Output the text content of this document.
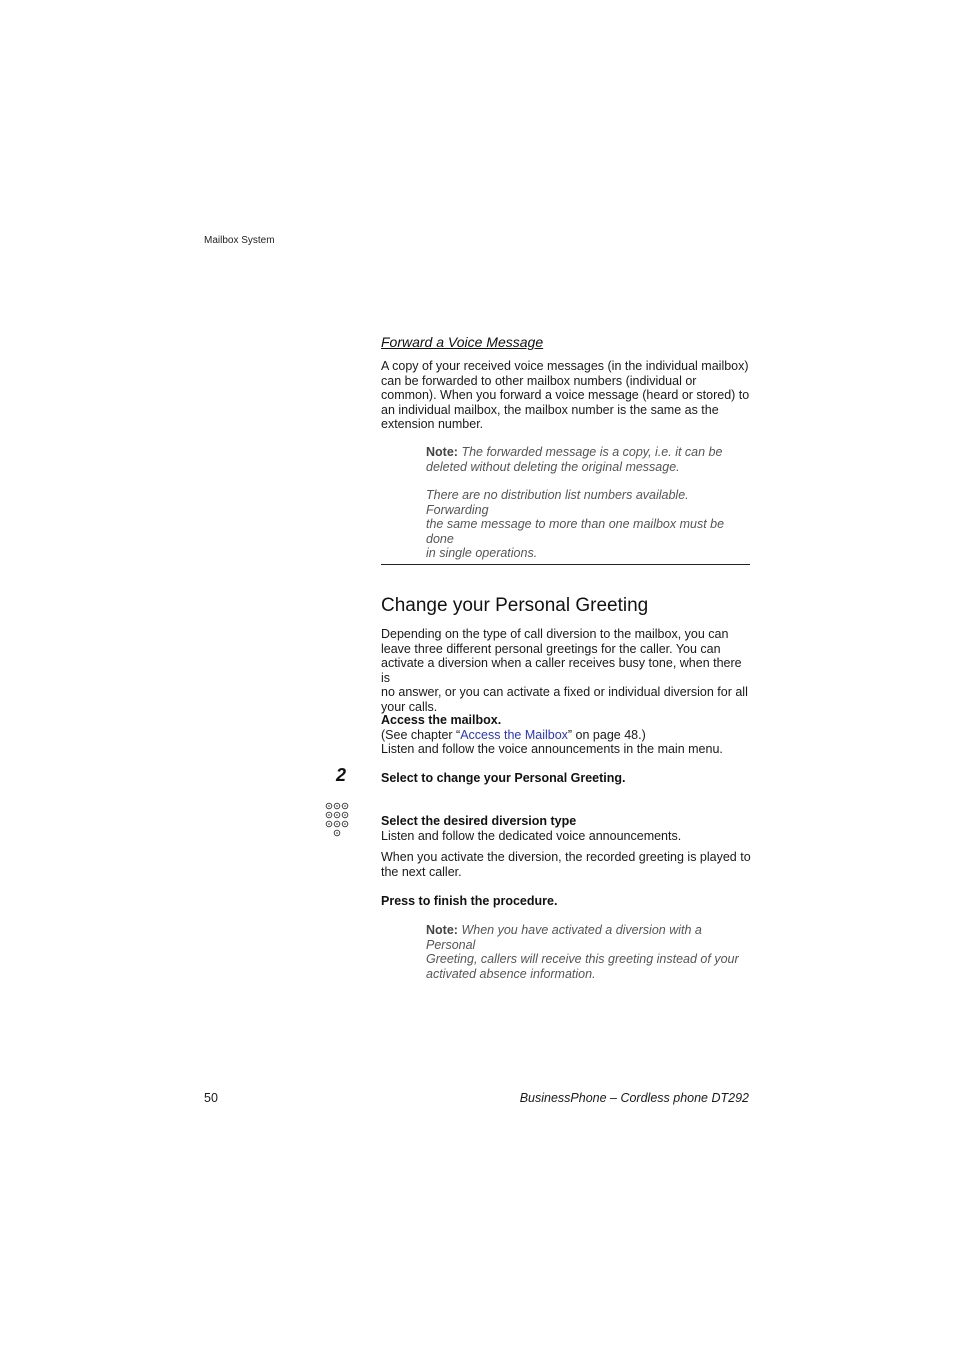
Mailbox System
Forward a Voice Message
A copy of your received voice messages (in the individual mailbox)
can be forwarded to other mailbox numbers (individual or
common). When you forward a voice message (heard or stored) to
an individual mailbox, the mailbox number is the same as the
extension number.
Note: The forwarded message is a copy, i.e. it can be
deleted without deleting the original message.
There are no distribution list numbers available. Forwarding
the same message to more than one mailbox must be done
in single operations.
Change your Personal Greeting
Depending on the type of call diversion to the mailbox, you can
leave three different personal greetings for the caller. You can
activate a diversion when a caller receives busy tone, when there is
no answer, or you can activate a fixed or individual diversion for all
your calls.
Access the mailbox.
(See chapter “Access the Mailbox” on page 48.)
Listen and follow the voice announcements in the main menu.
2	Select to change your Personal Greeting.
Select the desired diversion type
Listen and follow the dedicated voice announcements.
When you activate the diversion, the recorded greeting is played to
the next caller.
Press to finish the procedure.
Note: When you have activated a diversion with a Personal
Greeting, callers will receive this greeting instead of your
activated absence information.
50	BusinessPhone – Cordless phone DT292
